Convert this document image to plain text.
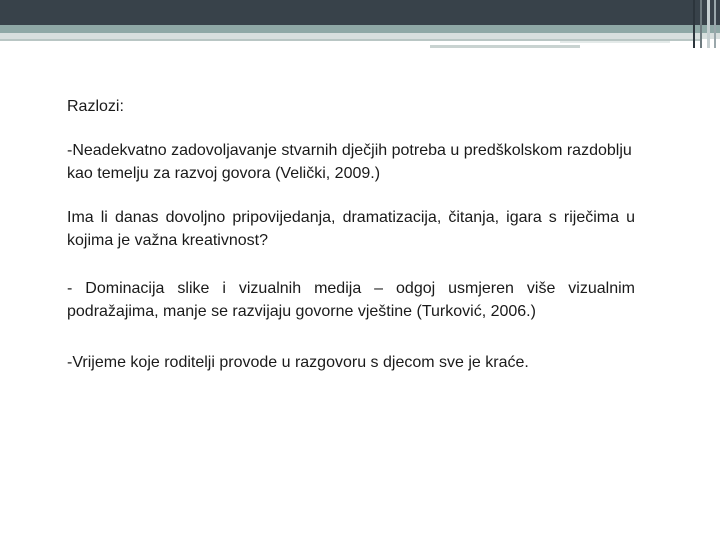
Razlozi:

-Neadekvatno zadovoljavanje stvarnih dječjih potreba u predškolskom razdoblju kao temelju za razvoj govora (Velički, 2009.)

Ima li danas dovoljno pripovijedanja, dramatizacija, čitanja, igara s riječima u kojima je važna kreativnost?

- Dominacija slike i vizualnih medija – odgoj usmjeren više vizualnim podražajima, manje se razvijaju govorne vještine (Turković, 2006.)

-Vrijeme koje roditelji provode u razgovoru s djecom sve je kraće.
